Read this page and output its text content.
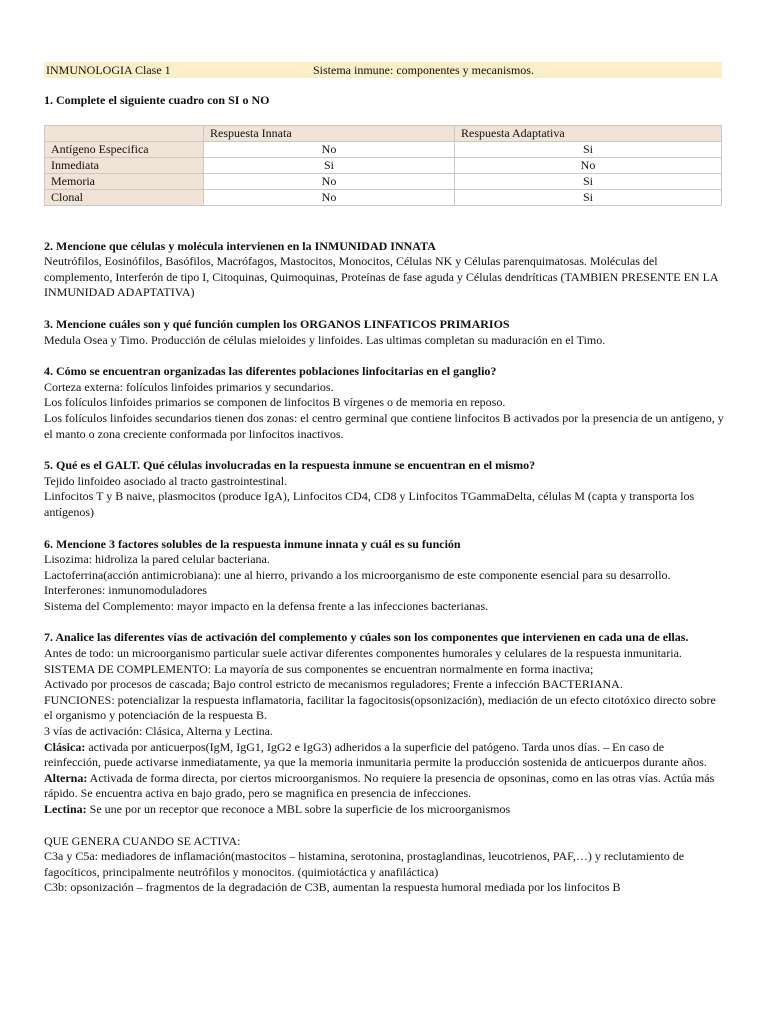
INMUNOLOGIA Clase 1	Sistema inmune: componentes y mecanismos.

1. Complete el siguiente cuadro con SI o NO

	Respuesta Innata	Respuesta Adaptativa
Antígeno Especifica	No	Si
Inmediata	Si	No
Memoria	No	Si
Clonal	No	Si

2. Mencione que células y molécula intervienen en la INMUNIDAD INNATA

Neutrófilos, Eosinófilos, Basófilos, Macrófagos, Mastocitos, Monocitos, Células NK y Células parenquimatosas. Moléculas del complemento, Interferón de tipo I, Citoquinas, Quimoquinas, Proteínas de fase aguda y Células dendríticas (TAMBIEN PRESENTE EN LA INMUNIDAD ADAPTATIVA)

3. Mencione cuáles son y qué función cumplen los ORGANOS LINFATICOS PRIMARIOS

Medula Osea y Timo. Producción de células mieloides y linfoides. Las ultimas completan su maduración en el Timo.

4. Cómo se encuentran organizadas las diferentes poblaciones linfocitarias en el ganglio?

Corteza externa: folículos linfoides primarios y secundarios.

Los folículos linfoides primarios se componen de linfocitos B vírgenes o de memoria en reposo.

Los folículos linfoides secundarios tienen dos zonas: el centro germinal que contiene linfocitos B activados por la presencia de un antígeno, y el manto o zona creciente conformada por linfocitos inactivos.

5. Qué es el GALT. Qué células involucradas en la respuesta inmune se encuentran en el mismo?

Tejido linfoideo asociado al tracto gastrointestinal.

Linfocitos T y B naive, plasmocitos (produce IgA), Linfocitos CD4, CD8 y Linfocitos TGammaDelta, células M (capta y transporta los antígenos)

6. Mencione 3 factores solubles de la respuesta inmune innata y cuál es su función

Lisozima: hidroliza la pared celular bacteriana.

Lactoferrina(acción antimicrobiana): une al hierro, privando a los microorganismo de este componente esencial para su desarrollo.

Interferones: inmunomoduladores

Sistema del Complemento: mayor impacto en la defensa frente a las infecciones bacterianas.

7. Analice las diferentes vías de activación del complemento y cúales son los componentes que intervienen en cada una de ellas.

Antes de todo: un microorganismo particular suele activar diferentes componentes humorales y celulares de la respuesta inmunitaria.

SISTEMA DE COMPLEMENTO: La mayoría de sus componentes se encuentran normalmente en forma inactiva;

Activado por procesos de cascada; Bajo control estricto de mecanismos reguladores; Frente a infección BACTERIANA.

FUNCIONES: potencializar la respuesta inflamatoria, facilitar la fagocitosis(opsonización), mediación de un efecto citotóxico directo sobre el organismo y potenciación de la respuesta B.

3 vías de activación: Clásica, Alterna y Lectina.

Clásica: activada por anticuerpos(IgM, IgG1, IgG2 e IgG3) adheridos a la superficie del patógeno. Tarda unos días. – En caso de reinfección, puede activarse inmediatamente, ya que la memoria inmunitaria permite la producción sostenida de anticuerpos durante años.

Alterna: Activada de forma directa, por ciertos microorganismos. No requiere la presencia de opsoninas, como en las otras vías. Actúa más rápido. Se encuentra activa en bajo grado, pero se magnifica en presencia de infecciones.

Lectina: Se une por un receptor que reconoce a MBL sobre la superficie de los microorganismos

QUE GENERA CUANDO SE ACTIVA:

C3a y C5a: mediadores de inflamación(mastocitos – histamina, serotonina, prostaglandinas, leucotrienos, PAF,…) y reclutamiento de fagocíticos, principalmente neutrófilos y monocitos. (quimiotáctica y anafiláctica)

C3b: opsonización – fragmentos de la degradación de C3B, aumentan la respuesta humoral mediada por los linfocitos B
